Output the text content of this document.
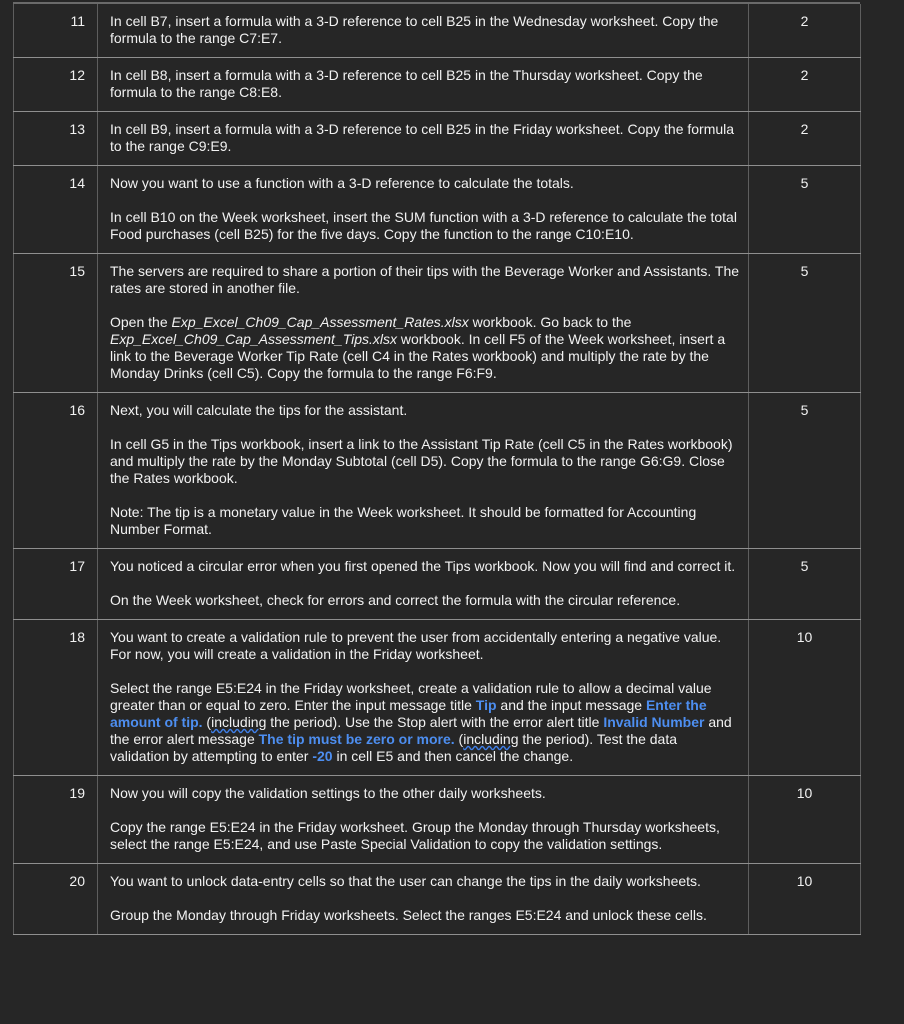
11	In cell B7, insert a formula with a 3-D reference to cell B25 in the Wednesday worksheet. Copy the formula to the range C7:E7.	2
12	In cell B8, insert a formula with a 3-D reference to cell B25 in the Thursday worksheet. Copy the formula to the range C8:E8.	2
13	In cell B9, insert a formula with a 3-D reference to cell B25 in the Friday worksheet. Copy the formula to the range C9:E9.	2
14	Now you want to use a function with a 3-D reference to calculate the totals.

In cell B10 on the Week worksheet, insert the SUM function with a 3-D reference to calculate the total Food purchases (cell B25) for the five days. Copy the function to the range C10:E10.	5
15	The servers are required to share a portion of their tips with the Beverage Worker and Assistants. The rates are stored in another file.

Open the Exp_Excel_Ch09_Cap_Assessment_Rates.xlsx workbook. Go back to the Exp_Excel_Ch09_Cap_Assessment_Tips.xlsx workbook. In cell F5 of the Week worksheet, insert a link to the Beverage Worker Tip Rate (cell C4 in the Rates workbook) and multiply the rate by the Monday Drinks (cell C5). Copy the formula to the range F6:F9.	5
16	Next, you will calculate the tips for the assistant.

In cell G5 in the Tips workbook, insert a link to the Assistant Tip Rate (cell C5 in the Rates workbook) and multiply the rate by the Monday Subtotal (cell D5). Copy the formula to the range G6:G9. Close the Rates workbook.

Note: The tip is a monetary value in the Week worksheet. It should be formatted for Accounting Number Format.	5
17	You noticed a circular error when you first opened the Tips workbook. Now you will find and correct it.

On the Week worksheet, check for errors and correct the formula with the circular reference.	5
18	You want to create a validation rule to prevent the user from accidentally entering a negative value. For now, you will create a validation in the Friday worksheet.

Select the range E5:E24 in the Friday worksheet, create a validation rule to allow a decimal value greater than or equal to zero. Enter the input message title Tip and the input message Enter the amount of tip. (including the period). Use the Stop alert with the error alert title Invalid Number and the error alert message The tip must be zero or more. (including the period). Test the data validation by attempting to enter -20 in cell E5 and then cancel the change.	10
19	Now you will copy the validation settings to the other daily worksheets.

Copy the range E5:E24 in the Friday worksheet. Group the Monday through Thursday worksheets, select the range E5:E24, and use Paste Special Validation to copy the validation settings.	10
20	You want to unlock data-entry cells so that the user can change the tips in the daily worksheets.

Group the Monday through Friday worksheets. Select the ranges E5:E24 and unlock these cells.	10
